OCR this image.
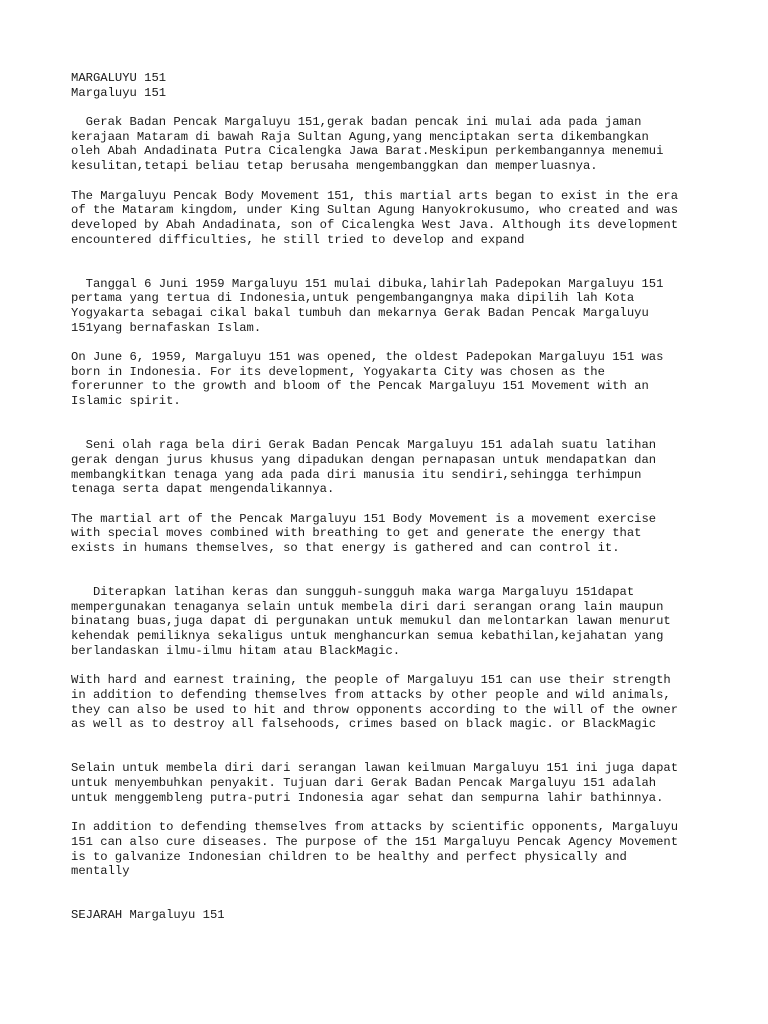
MARGALUYU 151
Margaluyu 151
Gerak Badan Pencak Margaluyu 151,gerak badan pencak ini mulai ada pada jaman
kerajaan Mataram di bawah Raja Sultan Agung,yang menciptakan serta dikembangkan
oleh Abah Andadinata Putra Cicalengka Jawa Barat.Meskipun perkembangannya menemui
kesulitan,tetapi beliau tetap berusaha mengembanggkan dan memperluasnya.
The Margaluyu Pencak Body Movement 151, this martial arts began to exist in the era
of the Mataram kingdom, under King Sultan Agung Hanyokrokusumo, who created and was
developed by Abah Andadinata, son of Cicalengka West Java. Although its development
encountered difficulties, he still tried to develop and expand
Tanggal 6 Juni 1959 Margaluyu 151 mulai dibuka,lahirlah Padepokan Margaluyu 151
pertama yang tertua di Indonesia,untuk pengembangangnya maka dipilih lah Kota
Yogyakarta sebagai cikal bakal tumbuh dan mekarnya Gerak Badan Pencak Margaluyu
151yang bernafaskan Islam.
On June 6, 1959, Margaluyu 151 was opened, the oldest Padepokan Margaluyu 151 was
born in Indonesia. For its development, Yogyakarta City was chosen as the
forerunner to the growth and bloom of the Pencak Margaluyu 151 Movement with an
Islamic spirit.
Seni olah raga bela diri Gerak Badan Pencak Margaluyu 151 adalah suatu latihan
gerak dengan jurus khusus yang dipadukan dengan pernapasan untuk mendapatkan dan
membangkitkan tenaga yang ada pada diri manusia itu sendiri,sehingga terhimpun
tenaga serta dapat mengendalikannya.
The martial art of the Pencak Margaluyu 151 Body Movement is a movement exercise
with special moves combined with breathing to get and generate the energy that
exists in humans themselves, so that energy is gathered and can control it.
Diterapkan latihan keras dan sungguh-sungguh maka warga Margaluyu 151dapat
mempergunakan tenaganya selain untuk membela diri dari serangan orang lain maupun
binatang buas,juga dapat di pergunakan untuk memukul dan melontarkan lawan menurut
kehendak pemiliknya sekaligus untuk menghancurkan semua kebathilan,kejahatan yang
berlandaskan ilmu-ilmu hitam atau BlackMagic.
With hard and earnest training, the people of Margaluyu 151 can use their strength
in addition to defending themselves from attacks by other people and wild animals,
they can also be used to hit and throw opponents according to the will of the owner
as well as to destroy all falsehoods, crimes based on black magic. or BlackMagic
Selain untuk membela diri dari serangan lawan keilmuan Margaluyu 151 ini juga dapat
untuk menyembuhkan penyakit. Tujuan dari Gerak Badan Pencak Margaluyu 151 adalah
untuk menggembleng putra-putri Indonesia agar sehat dan sempurna lahir bathinnya.
In addition to defending themselves from attacks by scientific opponents, Margaluyu
151 can also cure diseases. The purpose of the 151 Margaluyu Pencak Agency Movement
is to galvanize Indonesian children to be healthy and perfect physically and
mentally
SEJARAH Margaluyu 151
